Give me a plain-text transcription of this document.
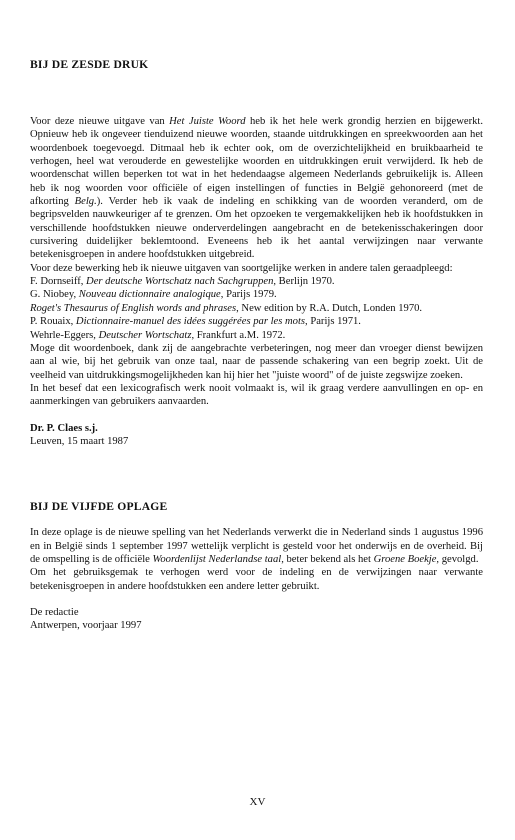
BIJ DE ZESDE DRUK

Voor deze nieuwe uitgave van Het Juiste Woord heb ik het hele werk grondig herzien en bijgewerkt. Opnieuw heb ik ongeveer tienduizend nieuwe woorden, staande uitdrukkingen en spreekwoorden aan het woordenboek toegevoegd. Ditmaal heb ik echter ook, om de overzichtelijkheid en bruikbaarheid te verhogen, heel wat verouderde en gewestelijke woorden en uitdrukkingen eruit verwijderd. Ik heb de woordenschat willen beperken tot wat in het hedendaagse algemeen Nederlands gebruikelijk is. Alleen heb ik nog woorden voor officiële of eigen instellingen of functies in België gehonoreerd (met de afkorting Belg.). Verder heb ik vaak de indeling en schikking van de woorden veranderd, om de begripsvelden nauwkeuriger af te grenzen. Om het opzoeken te vergemakkelijken heb ik hoofdstukken in verschillende hoofdstukken nieuwe onderverdelingen aangebracht en de betekenisschakeringen door cursivering duidelijker beklemtoond. Eveneens heb ik het aantal verwijzingen naar verwante betekenisgroepen in andere hoofdstukken uitgebreid.

Voor deze bewerking heb ik nieuwe uitgaven van soortgelijke werken in andere talen geraadpleegd:

F. Dornseiff, Der deutsche Wortschatz nach Sachgruppen, Berlijn 1970.

G. Niobey, Nouveau dictionnaire analogique, Parijs 1979.

Roget's Thesaurus of English words and phrases, New edition by R.A. Dutch, Londen 1970.

P. Rouaix, Dictionnaire-manuel des idées suggérées par les mots, Parijs 1971.

Wehrle-Eggers, Deutscher Wortschatz, Frankfurt a.M. 1972.

Moge dit woordenboek, dank zij de aangebrachte verbeteringen, nog meer dan vroeger dienst bewijzen aan al wie, bij het gebruik van onze taal, naar de passende schakering van een begrip zoekt. Uit de veelheid van uitdrukkingsmogelijkheden kan hij hier het "juiste woord" of de juiste zegswijze zoeken.

In het besef dat een lexicografisch werk nooit volmaakt is, wil ik graag verdere aanvullingen en op- en aanmerkingen van gebruikers aanvaarden.

Dr. P. Claes s.j.
Leuven, 15 maart 1987
BIJ DE VIJFDE OPLAGE

In deze oplage is de nieuwe spelling van het Nederlands verwerkt die in Nederland sinds 1 augustus 1996 en in België sinds 1 september 1997 wettelijk verplicht is gesteld voor het onderwijs en de overheid. Bij de omspelling is de officiële Woordenlijst Nederlandse taal, beter bekend als het Groene Boekje, gevolgd.

Om het gebruiksgemak te verhogen werd voor de indeling en de verwijzingen naar verwante betekenisgroepen in andere hoofdstukken een andere letter gebruikt.

De redactie
Antwerpen, voorjaar 1997
XV
